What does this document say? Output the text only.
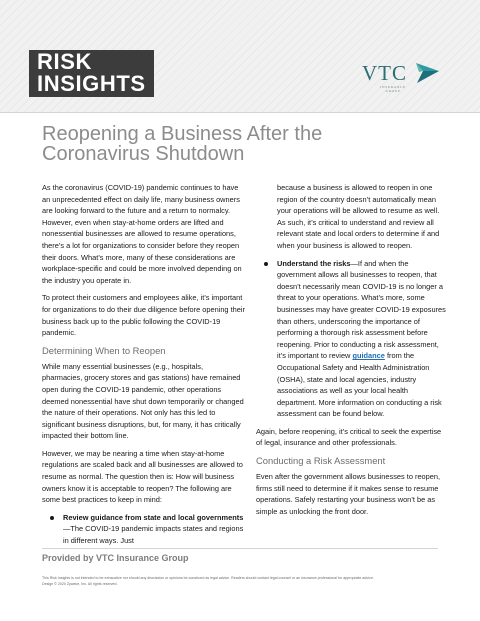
RISK
INSIGHTS	VTC
INSURANCE
GROUP
Reopening a Business After the
Coronavirus Shutdown

As the coronavirus (COVID-19) pandemic continues to have an unprecedented effect on daily life, many business owners are looking forward to the future and a return to normalcy. However, even when stay-at-home orders are lifted and nonessential businesses are allowed to resume operations, there’s a lot for organizations to consider before they reopen their doors. What’s more, many of these considerations are workplace-specific and could be more involved depending on the industry you operate in.

To protect their customers and employees alike, it’s important for organizations to do their due diligence before opening their business back up to the public following the COVID-19 pandemic.

Determining When to Reopen

While many essential businesses (e.g., hospitals, pharmacies, grocery stores and gas stations) have remained open during the COVID-19 pandemic, other operations deemed nonessential have shut down temporarily or changed the nature of their operations. Not only has this led to significant business disruptions, but, for many, it has critically impacted their bottom line.

However, we may be nearing a time when stay-at-home regulations are scaled back and all businesses are allowed to resume as normal. The question then is: How will business owners know it is acceptable to reopen? The following are some best practices to keep in mind:

Review guidance from state and local governments—The COVID-19 pandemic impacts states and regions in different ways. Just

because a business is allowed to reopen in one region of the country doesn’t automatically mean your operations will be allowed to resume as well. As such, it’s critical to understand and review all relevant state and local orders to determine if and when your business is allowed to reopen.

Understand the risks—If and when the government allows all businesses to reopen, that doesn’t necessarily mean COVID-19 is no longer a threat to your operations. What’s more, some businesses may have greater COVID-19 exposures than others, underscoring the importance of performing a thorough risk assessment before reopening. Prior to conducting a risk assessment, it’s important to review guidance from the Occupational Safety and Health Administration (OSHA), state and local agencies, industry associations as well as your local health department. More information on conducting a risk assessment can be found below.

Again, before reopening, it’s critical to seek the expertise of legal, insurance and other professionals.

Conducting a Risk Assessment

Even after the government allows businesses to reopen, firms still need to determine if it makes sense to resume operations. Safely restarting your business won’t be as simple as unlocking the front door.

Provided by VTC Insurance Group
This Risk Insights is not intended to be exhaustive nor should any discussion or opinions be construed as legal advice. Readers should contact legal counsel or an insurance professional for appropriate advice.
Design © 2020 Zywave, Inc. All rights reserved.
